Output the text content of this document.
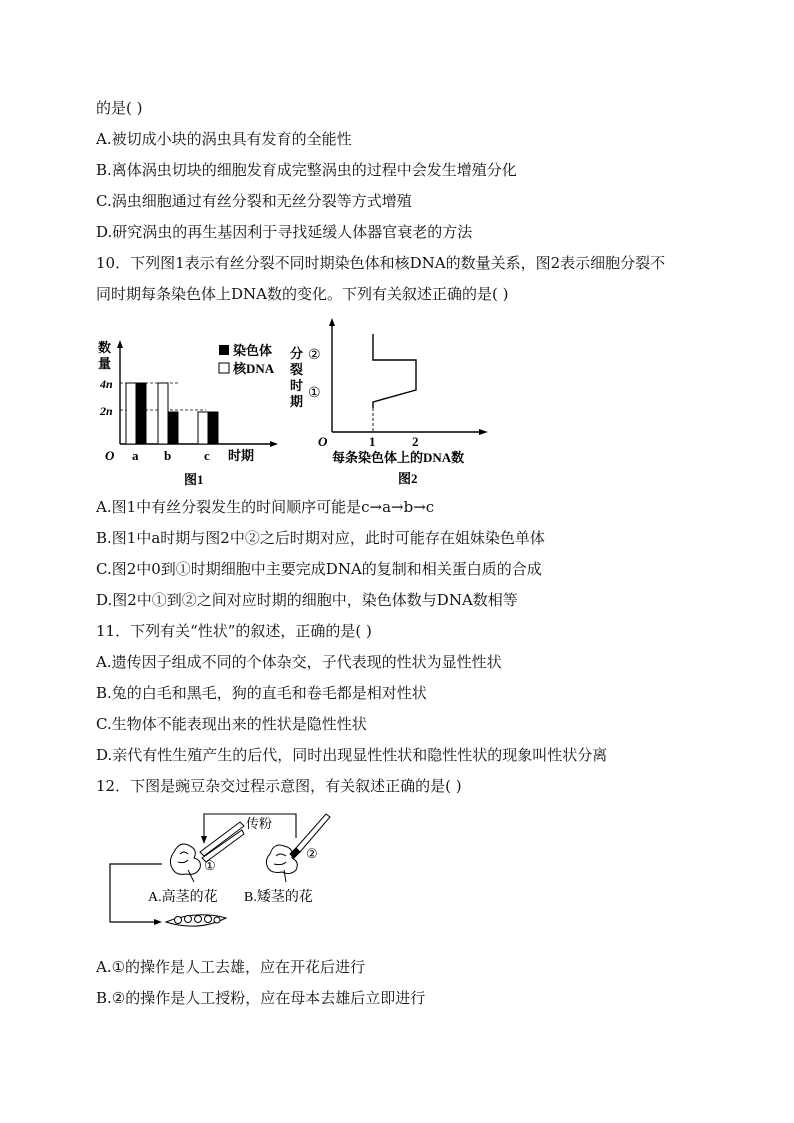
的是( )
A.被切成小块的涡虫具有发育的全能性
B.离体涡虫切块的细胞发育成完整涡虫的过程中会发生增殖分化
C.涡虫细胞通过有丝分裂和无丝分裂等方式增殖
D.研究涡虫的再生基因利于寻找延缓人体器官衰老的方法
10．下列图1表示有丝分裂不同时期染色体和核DNA的数量关系，图2表示细胞分裂不
同时期每条染色体上DNA数的变化。下列有关叙述正确的是( )
数
量
4n
2n
O a b	c 时期
染色体
核DNA
图1
分
裂
时
期
②
①
O	1	2
每条染色体上的DNA数
图2
A.图1中有丝分裂发生的时间顺序可能是c→a→b→c
B.图1中a时期与图2中②之后时期对应，此时可能存在姐妹染色单体
C.图2中0到①时期细胞中主要完成DNA的复制和相关蛋白质的合成
D.图2中①到②之间对应时期的细胞中，染色体数与DNA数相等
11．下列有关“性状”的叙述，正确的是( )
A.遗传因子组成不同的个体杂交，子代表现的性状为显性性状
B.兔的白毛和黑毛，狗的直毛和卷毛都是相对性状
C.生物体不能表现出来的性状是隐性性状
D.亲代有性生殖产生的后代，同时出现显性性状和隐性性状的现象叫性状分离
12．下图是豌豆杂交过程示意图，有关叙述正确的是( )
传粉
①
②
A.高茎的花 B.矮茎的花
A.①的操作是人工去雄，应在开花后进行
B.②的操作是人工授粉，应在母本去雄后立即进行
